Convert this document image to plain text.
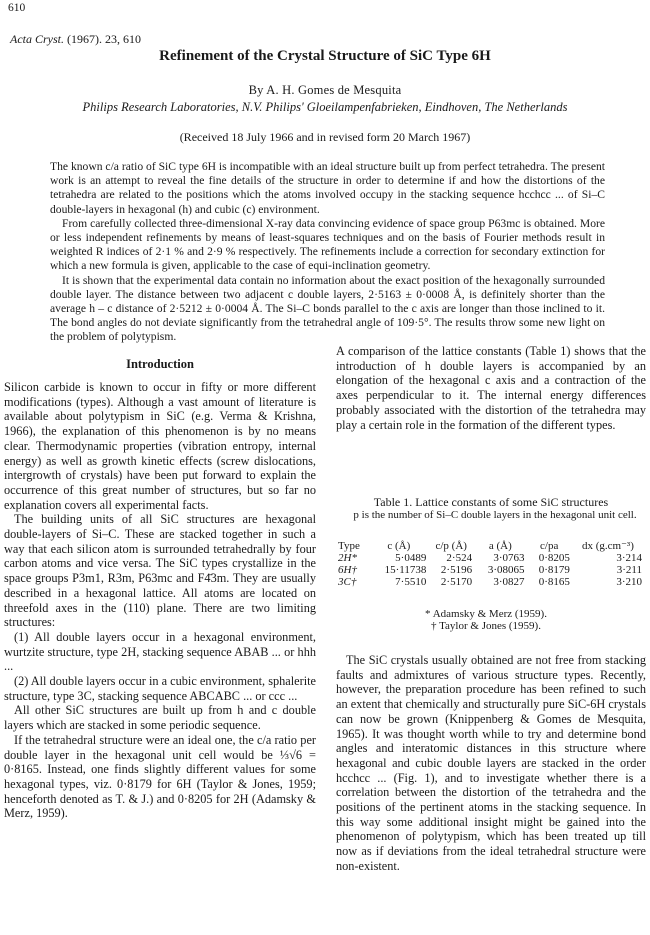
610
Acta Cryst. (1967). 23, 610
Refinement of the Crystal Structure of SiC Type 6H
By A. H. Gomes de Mesquita
Philips Research Laboratories, N.V. Philips' Gloeilampenfabrieken, Eindhoven, The Netherlands
(Received 18 July 1966 and in revised form 20 March 1967)

The known c/a ratio of SiC type 6H is incompatible with an ideal structure built up from perfect tetrahedra. The present work is an attempt to reveal the fine details of the structure in order to determine if and how the distortions of the tetrahedra are related to the positions which the atoms involved occupy in the stacking sequence hcchcc ... of Si–C double-layers in hexagonal (h) and cubic (c) environment.

From carefully collected three-dimensional X-ray data convincing evidence of space group P63mc is obtained. More or less independent refinements by means of least-squares techniques and on the basis of Fourier methods result in weighted R indices of 2·1 % and 2·9 % respectively. The refinements include a correction for secondary extinction for which a new formula is given, applicable to the case of equi-inclination geometry.

It is shown that the experimental data contain no information about the exact position of the hexagonally surrounded double layer. The distance between two adjacent c double layers, 2·5163 ± 0·0008 Å, is definitely shorter than the average h – c distance of 2·5212 ± 0·0004 Å. The Si–C bonds parallel to the c axis are longer than those inclined to it. The bond angles do not deviate significantly from the tetrahedral angle of 109·5°. The results throw some new light on the problem of polytypism.

Introduction

Silicon carbide is known to occur in fifty or more different modifications (types). Although a vast amount of literature is available about polytypism in SiC (e.g. Verma & Krishna, 1966), the explanation of this phenomenon is by no means clear. Thermodynamic properties (vibration entropy, internal energy) as well as growth kinetic effects (screw dislocations, intergrowth of crystals) have been put forward to explain the occurrence of this great number of structures, but so far no explanation covers all experimental facts.

The building units of all SiC structures are hexagonal double-layers of Si–C. These are stacked together in such a way that each silicon atom is surrounded tetrahedrally by four carbon atoms and vice versa. The SiC types crystallize in the space groups P3m1, R3m, P63mc and F4̄3m. They are usually described in a hexagonal lattice. All atoms are located on threefold axes in the (110) plane. There are two limiting structures:

(1) All double layers occur in a hexagonal environment, wurtzite structure, type 2H, stacking sequence ABAB ... or hhh ...

(2) All double layers occur in a cubic environment, sphalerite structure, type 3C, stacking sequence ABCABC ... or ccc ...

All other SiC structures are built up from h and c double layers which are stacked in some periodic sequence.

If the tetrahedral structure were an ideal one, the c/a ratio per double layer in the hexagonal unit cell would be ⅓√6 = 0·8165. Instead, one finds slightly different values for some hexagonal types, viz. 0·8179 for 6H (Taylor & Jones, 1959; henceforth denoted as T. & J.) and 0·8205 for 2H (Adamsky & Merz, 1959).

A comparison of the lattice constants (Table 1) shows that the introduction of h double layers is accompanied by an elongation of the hexagonal c axis and a contraction of the axes perpendicular to it. The internal energy differences probably associated with the distortion of the tetrahedra may play a certain role in the formation of the different types.

Table 1. Lattice constants of some SiC structures
p is the number of Si–C double layers in the hexagonal unit cell.
Type	c (Å)	c/p (Å)	a (Å)	c/pa	dx (g.cm⁻³)
2H*	5·0489	2·524	3·0763	0·8205	3·214
6H†	15·11738	2·5196	3·08065	0·8179	3·211
3C†	7·5510	2·5170	3·0827	0·8165	3·210
* Adamsky & Merz (1959).
† Taylor & Jones (1959).

The SiC crystals usually obtained are not free from stacking faults and admixtures of various structure types. Recently, however, the preparation procedure has been refined to such an extent that chemically and structurally pure SiC-6H crystals can now be grown (Knippenberg & Gomes de Mesquita, 1965). It was thought worth while to try and determine bond angles and interatomic distances in this structure where hexagonal and cubic double layers are stacked in the order hcchcc ... (Fig. 1), and to investigate whether there is a correlation between the distortion of the tetrahedra and the positions of the pertinent atoms in the stacking sequence. In this way some additional insight might be gained into the phenomenon of polytypism, which has been treated up till now as if deviations from the ideal tetrahedral structure were non-existent.
